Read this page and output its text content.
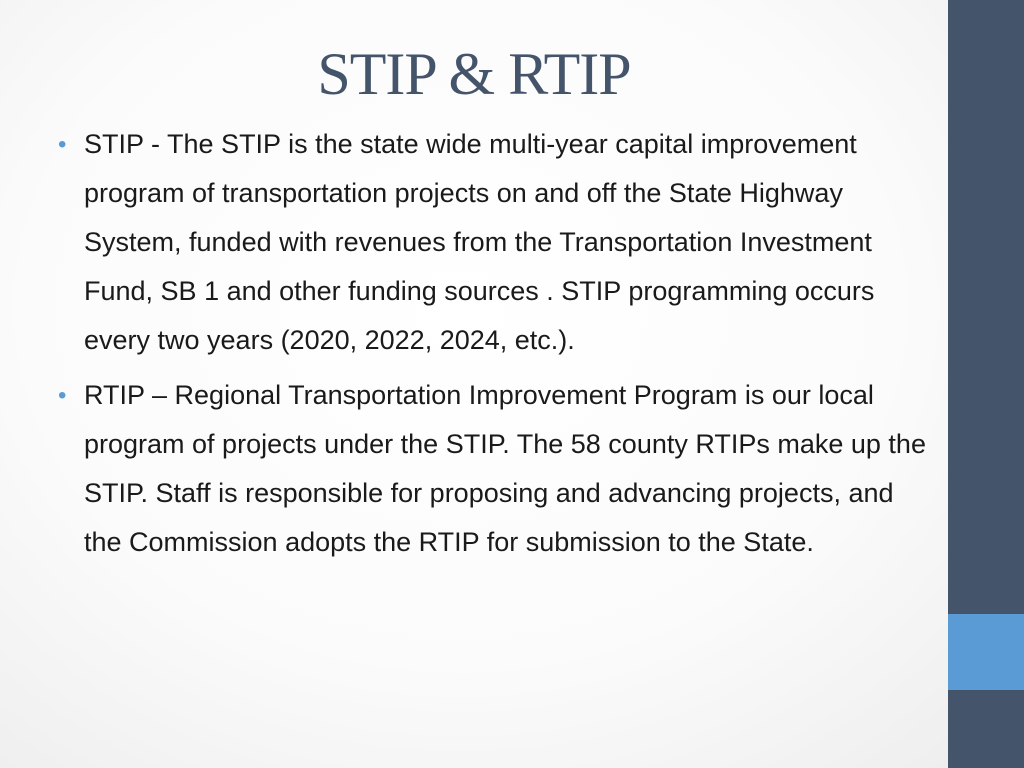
STIP & RTIP
• STIP - The STIP is the state wide multi-year capital improvement program of transportation projects on and off the State Highway System, funded with revenues from the Transportation Investment Fund, SB 1 and other funding sources . STIP programming occurs every two years (2020, 2022, 2024, etc.).
• RTIP – Regional Transportation Improvement Program is our local program of projects under the STIP. The 58 county RTIPs make up the STIP. Staff is responsible for proposing and advancing projects, and the Commission adopts the RTIP for submission to the State.
